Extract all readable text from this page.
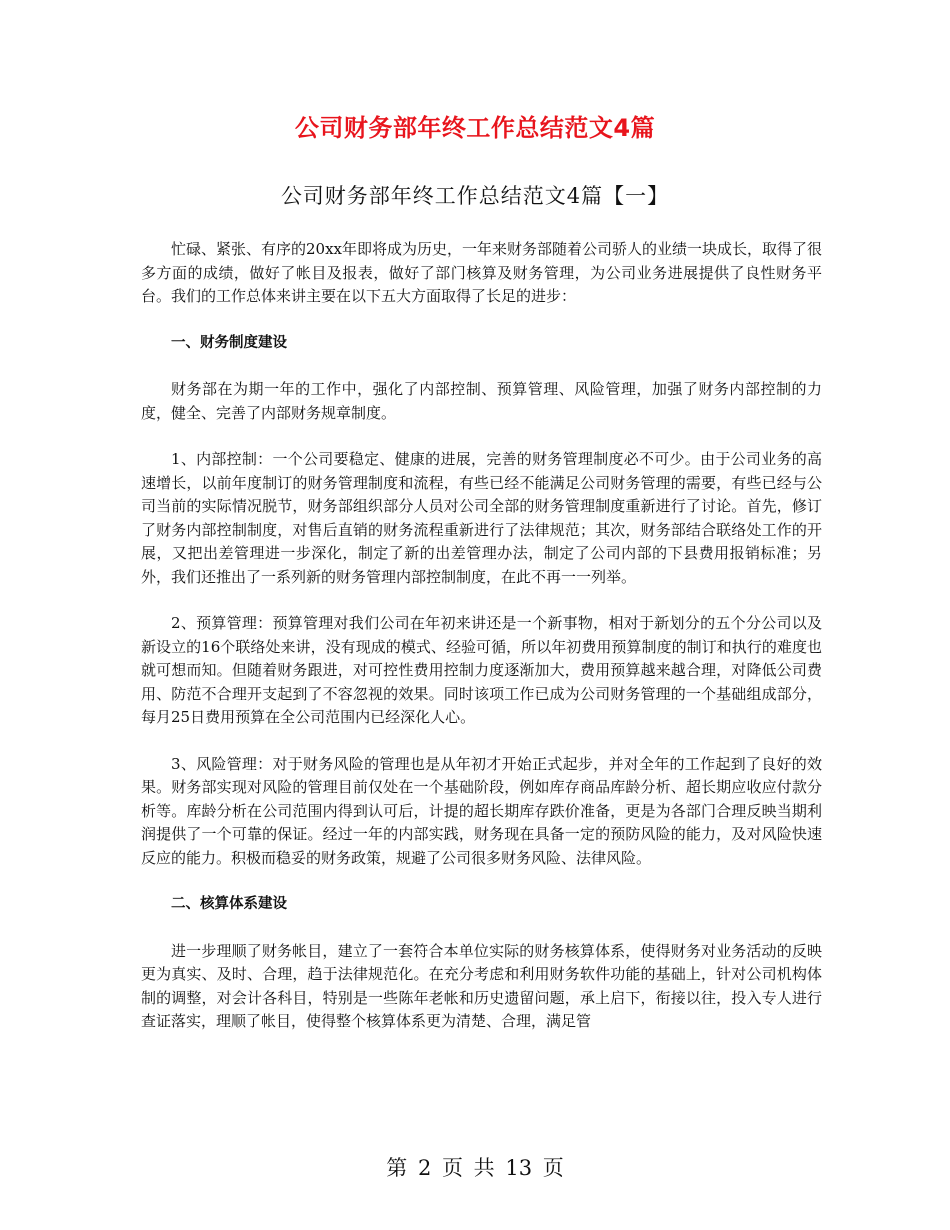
公司财务部年终工作总结范文4篇
公司财务部年终工作总结范文4篇【一】

忙碌、紧张、有序的20xx年即将成为历史，一年来财务部随着公司骄人的业绩一块成长，取得了很多方面的成绩，做好了帐目及报表，做好了部门核算及财务管理，为公司业务进展提供了良性财务平台。我们的工作总体来讲主要在以下五大方面取得了长足的进步：

一、财务制度建设

财务部在为期一年的工作中，强化了内部控制、预算管理、风险管理，加强了财务内部控制的力度，健全、完善了内部财务规章制度。

1、内部控制：一个公司要稳定、健康的进展，完善的财务管理制度必不可少。由于公司业务的高速增长，以前年度制订的财务管理制度和流程，有些已经不能满足公司财务管理的需要，有些已经与公司当前的实际情况脱节，财务部组织部分人员对公司全部的财务管理制度重新进行了讨论。首先，修订了财务内部控制制度，对售后直销的财务流程重新进行了法律规范；其次，财务部结合联络处工作的开展，又把出差管理进一步深化，制定了新的出差管理办法，制定了公司内部的下县费用报销标准；另外，我们还推出了一系列新的财务管理内部控制制度，在此不再一一列举。

2、预算管理：预算管理对我们公司在年初来讲还是一个新事物，相对于新划分的五个分公司以及新设立的16个联络处来讲，没有现成的模式、经验可循，所以年初费用预算制度的制订和执行的难度也就可想而知。但随着财务跟进，对可控性费用控制力度逐渐加大，费用预算越来越合理，对降低公司费用、防范不合理开支起到了不容忽视的效果。同时该项工作已成为公司财务管理的一个基础组成部分，每月25日费用预算在全公司范围内已经深化人心。

3、风险管理：对于财务风险的管理也是从年初才开始正式起步，并对全年的工作起到了良好的效果。财务部实现对风险的管理目前仅处在一个基础阶段，例如库存商品库龄分析、超长期应收应付款分析等。库龄分析在公司范围内得到认可后，计提的超长期库存跌价准备，更是为各部门合理反映当期利润提供了一个可靠的保证。经过一年的内部实践，财务现在具备一定的预防风险的能力，及对风险快速反应的能力。积极而稳妥的财务政策，规避了公司很多财务风险、法律风险。

二、核算体系建设

进一步理顺了财务帐目，建立了一套符合本单位实际的财务核算体系，使得财务对业务活动的反映更为真实、及时、合理，趋于法律规范化。在充分考虑和利用财务软件功能的基础上，针对公司机构体制的调整，对会计各科目，特别是一些陈年老帐和历史遗留问题，承上启下，衔接以往，投入专人进行查证落实，理顺了帐目，使得整个核算体系更为清楚、合理，满足管

第 2 页 共 13 页
